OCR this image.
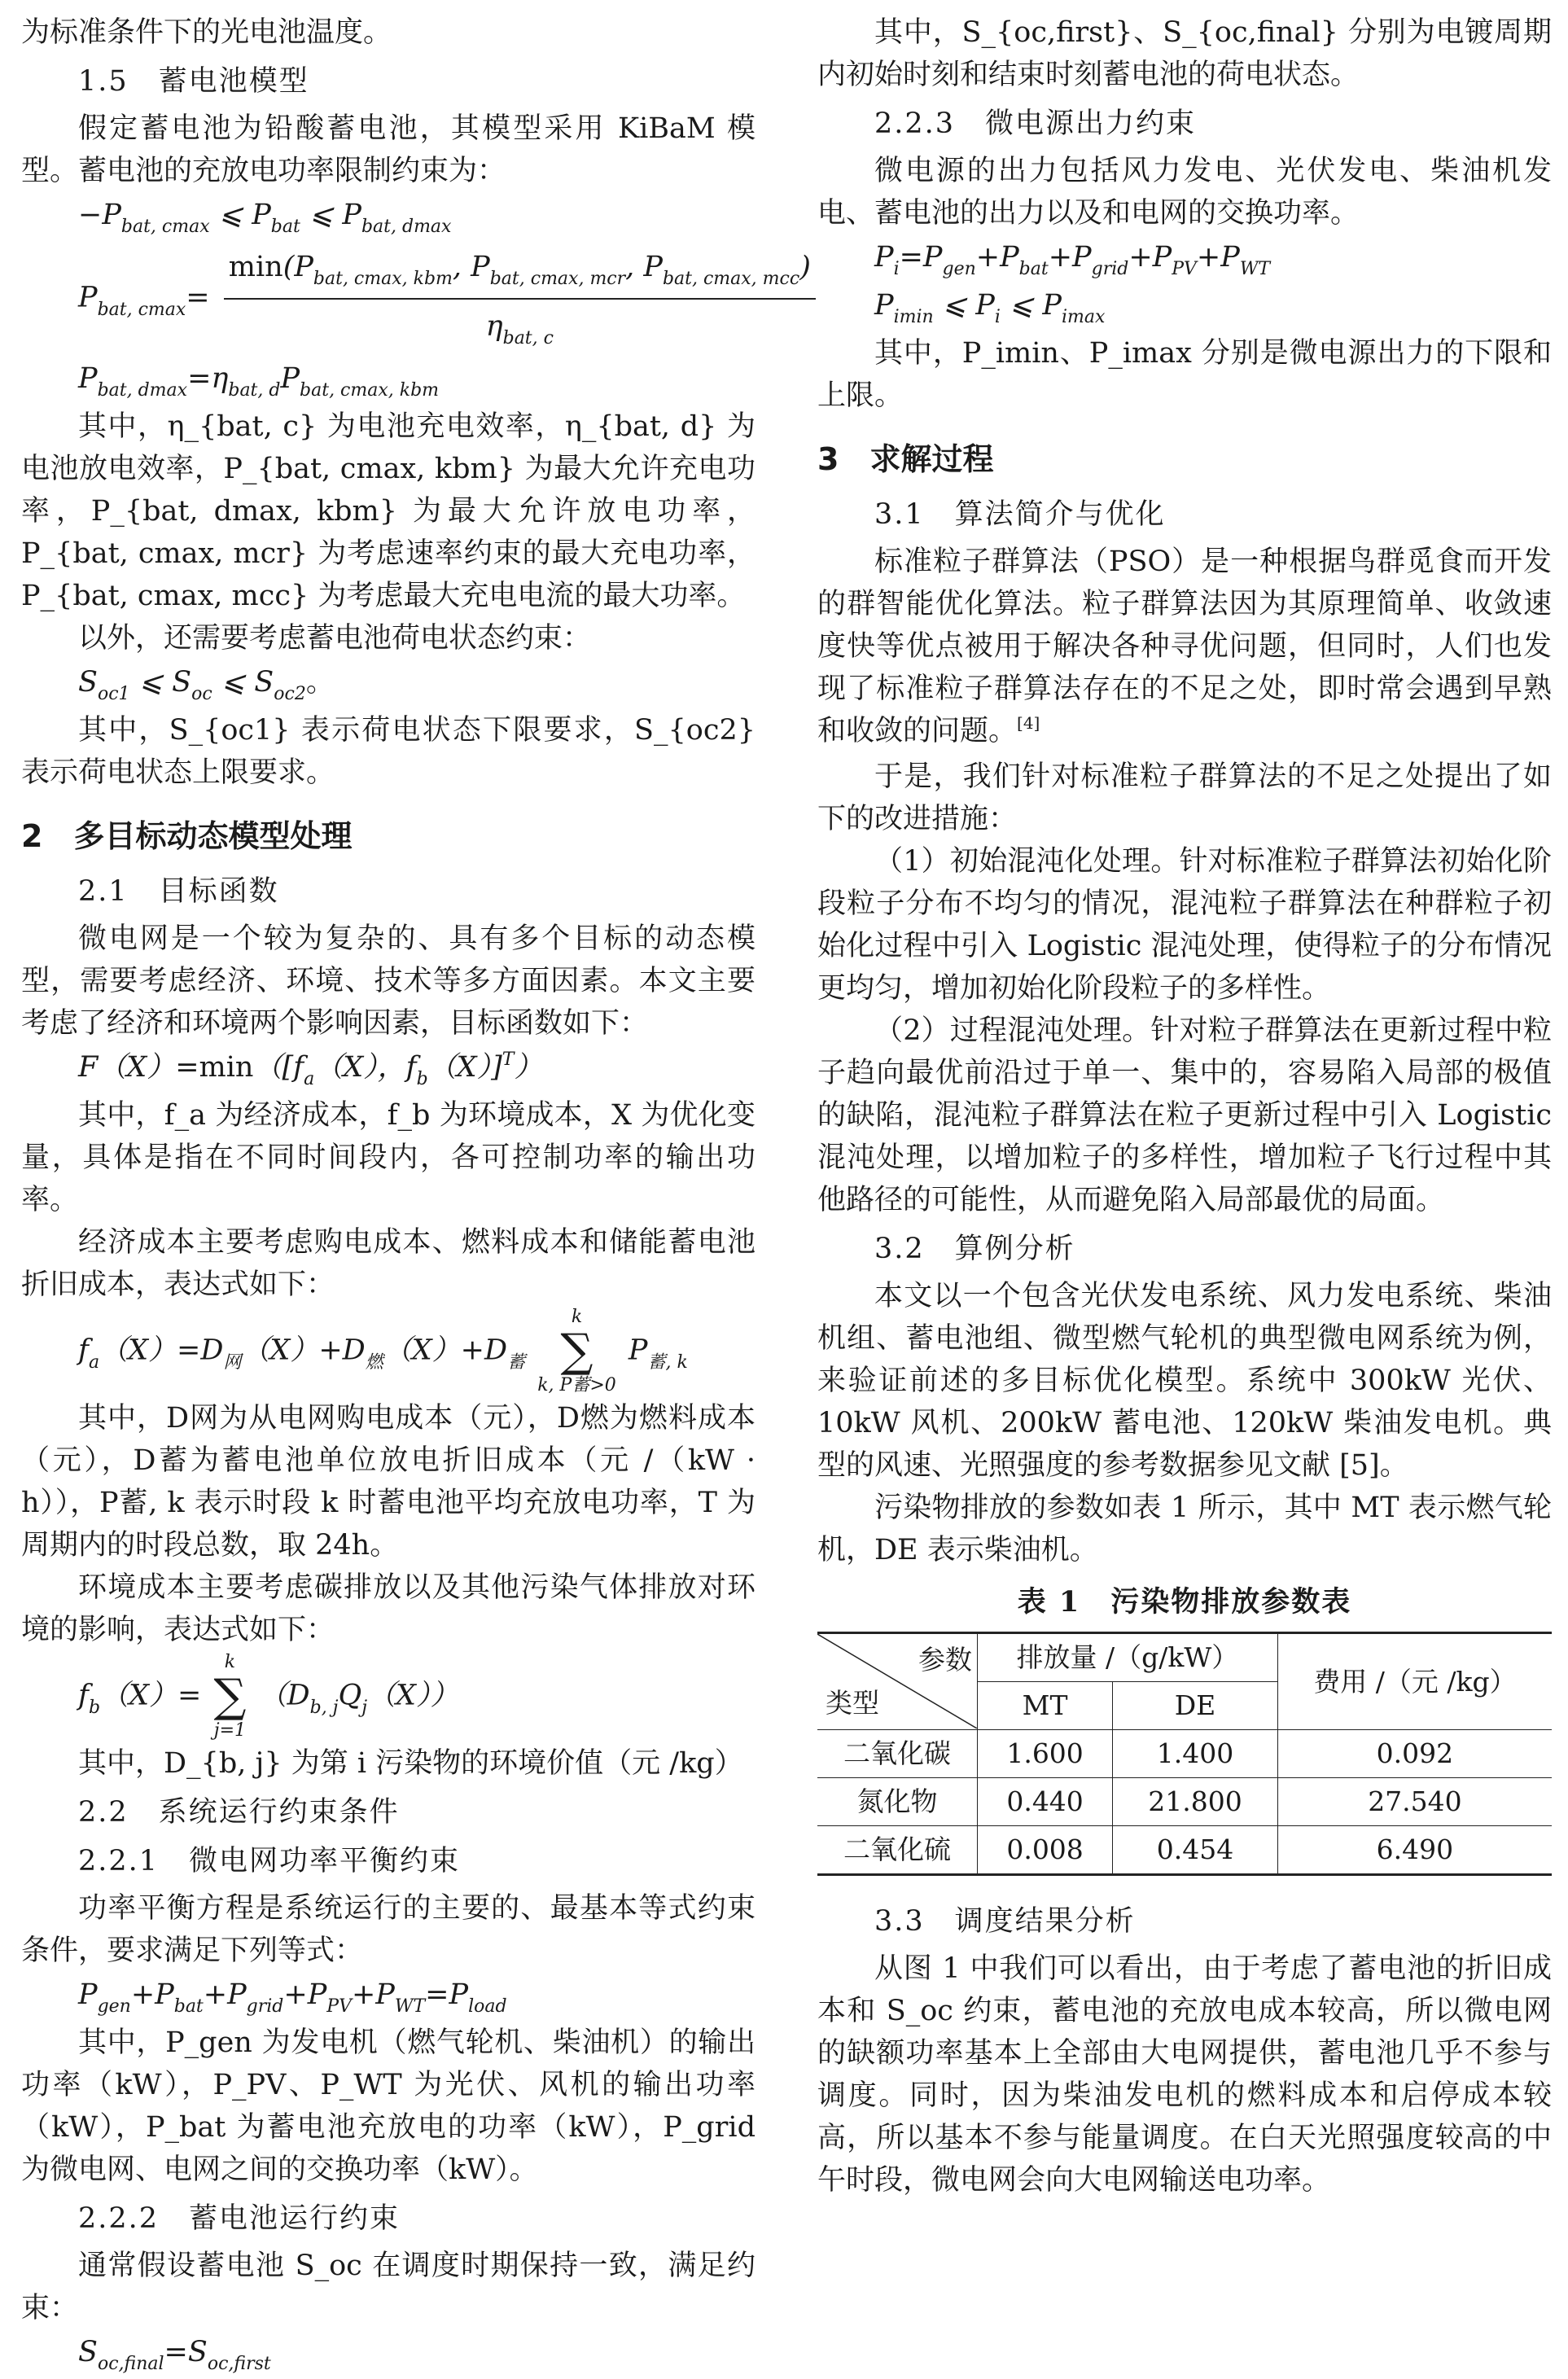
为标准条件下的光电池温度。

1.5　蓄电池模型

假定蓄电池为铅酸蓄电池，其模型采用 KiBaM 模型。蓄电池的充放电功率限制约束为：

$-P_{bat, cmax}$ ⩽ $P_{bat}$ ⩽ $P_{bat, dmax}$
$P_{bat, cmax}= \frac{\min(P_{bat, cmax, kbm}, P_{bat, cmax, mcr}, P_{bat, cmax, mcc})}{\eta_{bat, c}}$
$P_{bat, dmax}=\eta_{bat, d}P_{bat, cmax, kbm}$

其中，η_{bat, c} 为电池充电效率，η_{bat, d} 为电池放电效率，P_{bat, cmax, kbm} 为最大允许充电功率，P_{bat, dmax, kbm} 为最大允许放电功率，P_{bat, cmax, mcr} 为考虑速率约束的最大充电功率，P_{bat, cmax, mcc} 为考虑最大充电电流的最大功率。

以外，还需要考虑蓄电池荷电状态约束：

$S_{oc1}$ ⩽ $S_{oc}$ ⩽ $S_{oc2}$。

其中，S_{oc1} 表示荷电状态下限要求，S_{oc2} 表示荷电状态上限要求。

2　多目标动态模型处理
2.1　目标函数

微电网是一个较为复杂的、具有多个目标的动态模型，需要考虑经济、环境、技术等多方面因素。本文主要考虑了经济和环境两个影响因素，目标函数如下：

$F(X)=\min([f_a(X)$，$f_b(X)]^T$）

其中，f_a 为经济成本，f_b 为环境成本，X 为优化变量，具体是指在不同时间段内，各可控制功率的输出功率。

经济成本主要考虑购电成本、燃料成本和储能蓄电池折旧成本，表达式如下：

$f_a(X)=D_网(X)+D_燃(X)+D_蓄$
k
∑
k, P蓄>0
$P_{蓄, k}$

其中，D网为从电网购电成本（元），D燃为燃料成本（元），D蓄为蓄电池单位放电折旧成本（元 /（kW · h）），P蓄, k 表示时段 k 时蓄电池平均充放电功率，T 为周期内的时段总数，取 24h。

环境成本主要考虑碳排放以及其他污染气体排放对环境的影响，表达式如下：

$f_b(X)=$
k
∑
j=1
$(D_{b, j}Q_j(X))$

其中，D_{b, j} 为第 i 污染物的环境价值（元 /kg）

2.2　系统运行约束条件
2.2.1　微电网功率平衡约束

功率平衡方程是系统运行的主要的、最基本等式约束条件，要求满足下列等式：

$P_{gen}+P_{bat}+P_{grid}+P_{PV}+P_{WT}=P_{load}$

其中，P_gen 为发电机（燃气轮机、柴油机）的输出功率（kW），P_PV、P_WT 为光伏、风机的输出功率（kW），P_bat 为蓄电池充放电的功率（kW），P_grid 为微电网、电网之间的交换功率（kW）。

2.2.2　蓄电池运行约束

通常假设蓄电池 S_oc 在调度时期保持一致，满足约束：

$S_{oc,final}=S_{oc,first}$

其中，S_{oc,first}、S_{oc,final} 分别为电镀周期内初始时刻和结束时刻蓄电池的荷电状态。

2.2.3　微电源出力约束

微电源的出力包括风力发电、光伏发电、柴油机发电、蓄电池的出力以及和电网的交换功率。

$P_i=P_{gen}+P_{bat}+P_{grid}+P_{PV}+P_{WT}$
$P_{imin}$ ⩽ $P_i$ ⩽ $P_{imax}$

其中，P_imin、P_imax 分别是微电源出力的下限和上限。

3　求解过程
3.1　算法简介与优化

标准粒子群算法（PSO）是一种根据鸟群觅食而开发的群智能优化算法。粒子群算法因为其原理简单、收敛速度快等优点被用于解决各种寻优问题，但同时，人们也发现了标准粒子群算法存在的不足之处，即时常会遇到早熟和收敛的问题。[4]

于是，我们针对标准粒子群算法的不足之处提出了如下的改进措施：

（1）初始混沌化处理。针对标准粒子群算法初始化阶段粒子分布不均匀的情况，混沌粒子群算法在种群粒子初始化过程中引入 Logistic 混沌处理，使得粒子的分布情况更均匀，增加初始化阶段粒子的多样性。

（2）过程混沌处理。针对粒子群算法在更新过程中粒子趋向最优前沿过于单一、集中的，容易陷入局部的极值的缺陷，混沌粒子群算法在粒子更新过程中引入 Logistic 混沌处理，以增加粒子的多样性，增加粒子飞行过程中其他路径的可能性，从而避免陷入局部最优的局面。

3.2　算例分析

本文以一个包含光伏发电系统、风力发电系统、柴油机组、蓄电池组、微型燃气轮机的典型微电网系统为例，来验证前述的多目标优化模型。系统中 300kW 光伏、10kW 风机、200kW 蓄电池、120kW 柴油发电机。典型的风速、光照强度的参考数据参见文献 [5]。

污染物排放的参数如表 1 所示，其中 MT 表示燃气轮机，DE 表示柴油机。

表 1　污染物排放参数表
参数
类型	排放量 /（g/kW）		费用 /（元 /kg）
	MT	DE	
二氧化碳	1.600	1.400	0.092
氮化物	0.440	21.800	27.540
二氧化硫	0.008	0.454	6.490
3.3　调度结果分析

从图 1 中我们可以看出，由于考虑了蓄电池的折旧成本和 S_oc 约束，蓄电池的充放电成本较高，所以微电网的缺额功率基本上全部由大电网提供，蓄电池几乎不参与调度。同时，因为柴油发电机的燃料成本和启停成本较高，所以基本不参与能量调度。在白天光照强度较高的中午时段，微电网会向大电网输送电功率。
